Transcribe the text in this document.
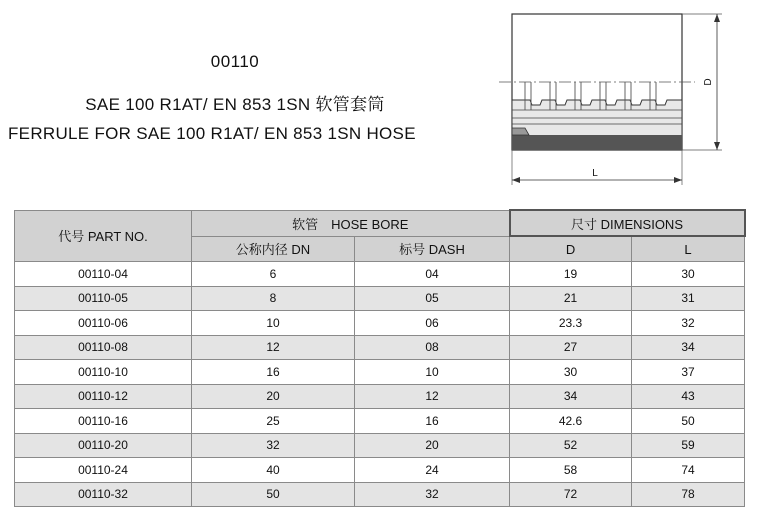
00110
SAE 100 R1AT/ EN 853 1SN 软管套筒
FERRULE FOR SAE 100 R1AT/ EN 853 1SN HOSE
D
L
代号 PART NO.	软管　HOSE BORE		尺寸 DIMENSIONS	
	公称内径 DN	标号 DASH	D	L
00110-04	6	04	19	30
00110-05	8	05	21	31
00110-06	10	06	23.3	32
00110-08	12	08	27	34
00110-10	16	10	30	37
00110-12	20	12	34	43
00110-16	25	16	42.6	50
00110-20	32	20	52	59
00110-24	40	24	58	74
00110-32	50	32	72	78
